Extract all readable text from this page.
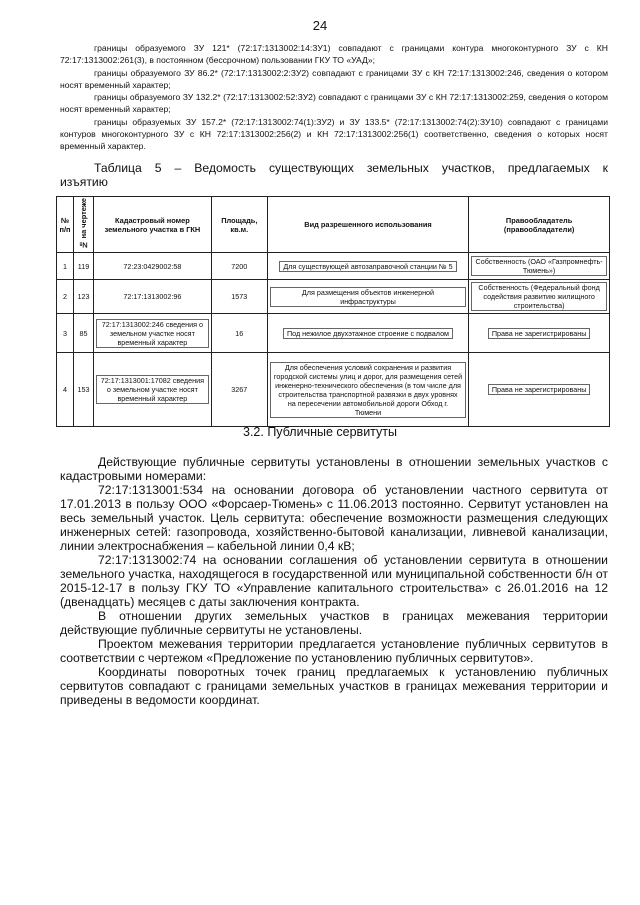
24

границы образуемого ЗУ 121* (72:17:1313002:14:ЗУ1) совпадают с границами контура многоконтурного ЗУ с КН 72:17:1313002:261(3), в постоянном (бессрочном) пользовании ГКУ ТО «УАД»;

границы образуемого ЗУ 86.2* (72:17:1313002:2:ЗУ2) совпадают с границами ЗУ с КН 72:17:1313002:246, сведения о котором носят временный характер;

границы образуемого ЗУ 132.2* (72:17:1313002:52:ЗУ2) совпадают с границами ЗУ с КН 72:17:1313002:259, сведения о котором носят временный характер;

границы образуемых ЗУ 157.2* (72:17:1313002:74(1):ЗУ2) и ЗУ 133.5* (72:17:1313002:74(2):ЗУ10) совпадают с границами контуров многоконтурного ЗУ с КН 72:17:1313002:256(2) и КН 72:17:1313002:256(1) соответственно, сведения о которых носят временный характер.

Таблица 5 – Ведомость существующих земельных участков, предлагаемых к
изъятию
№ п/п	№ на чертеже	Кадастровый номер земельного участка в ГКН	Площадь, кв.м.	Вид разрешенного использования	Правообладатель (правообладатели)
1	119	72:23:0429002:58	7200	Для существующей автозаправочной станции № 5	Собственность (ОАО «Газпромнефть-Тюмень»)
2	123	72:17:1313002:96	1573	Для размещения объектов инженерной инфраструктуры	Собственность (Федеральный фонд содействия развитию жилищного строительства)
3	85	72:17:1313002:246 сведения о земельном участке носят временный характер	16	Под нежилое двухэтажное строение с подвалом	Права не зарегистрированы
4	153	72:17:1313001:17082 сведения о земельном участке носят временный характер	3267	Для обеспечения условий сохранения и развития городской системы улиц и дорог, для размещения сетей инженерно-технического обеспечения (в том числе для строительства транспортной развязки в двух уровнях на пересечении автомобильной дороги Обход г. Тюмени	Права не зарегистрированы
3.2. Публичные сервитуты

Действующие публичные сервитуты установлены в отношении земельных участков с кадастровыми номерами:

72:17:1313001:534 на основании договора об установлении частного сервитута от 17.01.2013 в пользу ООО «Форсаер-Тюмень» с 11.06.2013 постоянно. Сервитут установлен на весь земельный участок. Цель сервитута: обеспечение возможности размещения следующих инженерных сетей: газопровода, хозяйственно-бытовой канализации, ливневой канализации, линии электроснабжения – кабельной линии 0,4 кВ;

72:17:1313002:74 на основании соглашения об установлении сервитута в отношении земельного участка, находящегося в государственной или муниципальной собственности б/н от 2015-12-17 в пользу ГКУ ТО «Управление капитального строительства» с 26.01.2016 на 12 (двенадцать) месяцев с даты заключения контракта.

В отношении других земельных участков в границах межевания территории действующие публичные сервитуты не установлены.

Проектом межевания территории предлагается установление публичных сервитутов в соответствии с чертежом «Предложение по установлению публичных сервитутов».

Координаты поворотных точек границ предлагаемых к установлению публичных сервитутов совпадают с границами земельных участков в границах межевания территории и приведены в ведомости координат.
